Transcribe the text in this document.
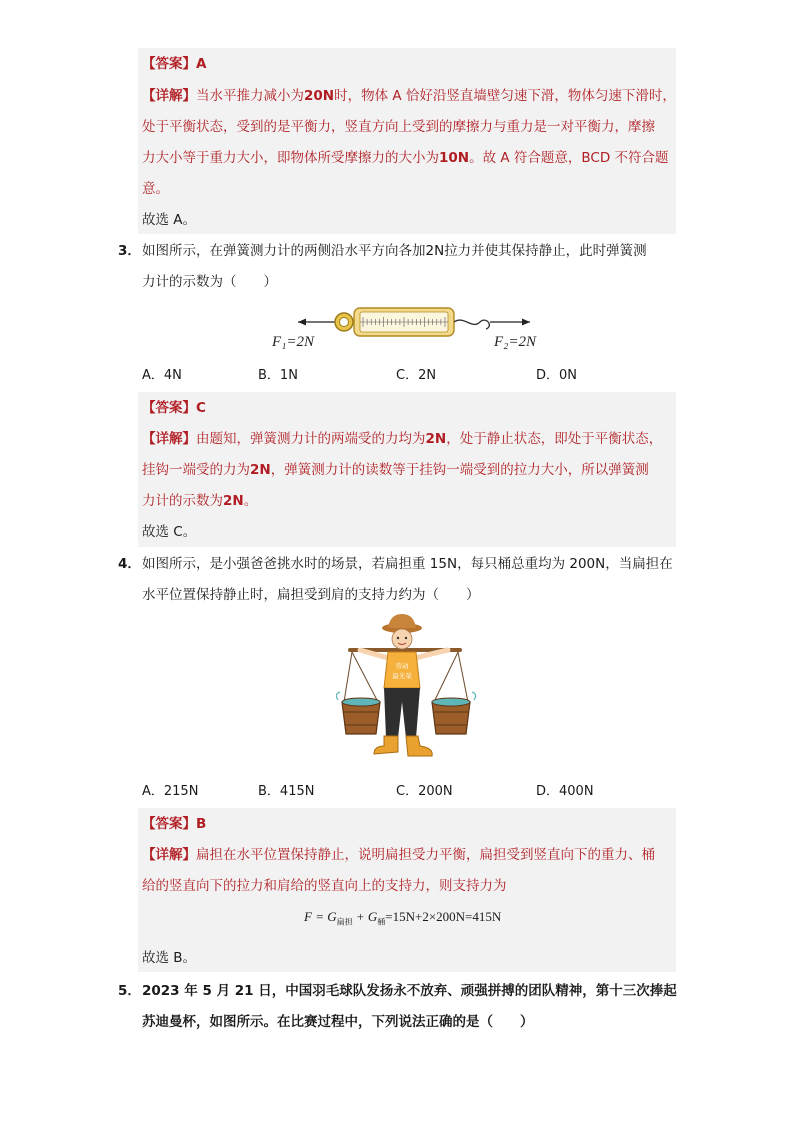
【答案】A
【详解】当水平推力减小为20N时，物体 A 恰好沿竖直墙壁匀速下滑，物体匀速下滑时，
处于平衡状态，受到的是平衡力，竖直方向上受到的摩擦力与重力是一对平衡力，摩擦
力大小等于重力大小，即物体所受摩擦力的大小为10N。故 A 符合题意，BCD 不符合题
意。
故选 A。
3． 如图所示，在弹簧测力计的两侧沿水平方向各加2N拉力并使其保持静止，此时弹簧测
力计的示数为（　　）
F₁=2N	F₂=2N
A．4N	B．1N	C．2N	D．0N
【答案】C
【详解】由题知，弹簧测力计的两端受的力均为2N，处于静止状态，即处于平衡状态，
挂钩一端受的力为2N，弹簧测力计的读数等于挂钩一端受到的拉力大小，所以弹簧测
力计的示数为2N。
故选 C。
4． 如图所示，是小强爸爸挑水时的场景，若扁担重 15N，每只桶总重均为 200N，当扁担在
水平位置保持静止时，扁担受到肩的支持力约为（　　）
劳动
最光荣
A．215N	B．415N	C．200N	D．400N
【答案】B
【详解】扁担在水平位置保持静止，说明扁担受力平衡，扁担受到竖直向下的重力、桶
给的竖直向下的拉力和肩给的竖直向上的支持力，则支持力为
$F = G_{扁担} + G_桶=15N+2\times 200N=415N$
故选 B。
5． 2023 年 5 月 21 日，中国羽毛球队发扬永不放弃、顽强拼搏的团队精神，第十三次捧起
苏迪曼杯，如图所示。在比赛过程中，下列说法正确的是（　　）
